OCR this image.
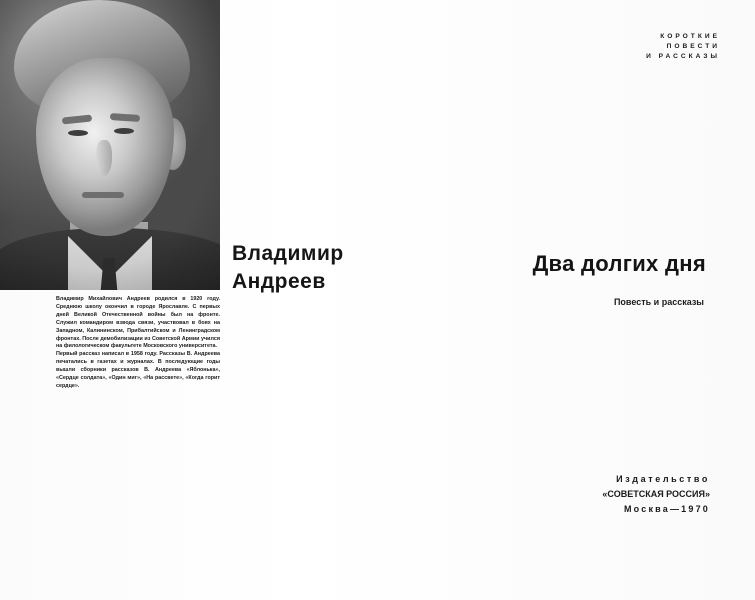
Владимир
Андреев

Владимир Михайлович Андреев родился в 1920 году. Среднюю школу окончил в городе Ярославле. С первых дней Великой Отечественной войны был на фронте. Служил командиром взвода связи, участвовал в боях на Западном, Калининском, Прибалтийском и Ленинградском фронтах. После демобилизации из Советской Армии учился на филологическом факультете Московского университета.

Первый рассказ написал в 1958 году. Рассказы В. Андреева печатались в газетах и журналах. В последующие годы вышли сборники рассказов В. Андреева «Яблонька», «Сердце солдата», «Один миг», «На рассвете», «Когда горит сердце».

КОРОТКИЕ
ПОВЕСТИ
И РАССКАЗЫ
Два долгих дня
Повесть и рассказы
Издательство
«СОВЕТСКАЯ РОССИЯ»
Москва—1970
